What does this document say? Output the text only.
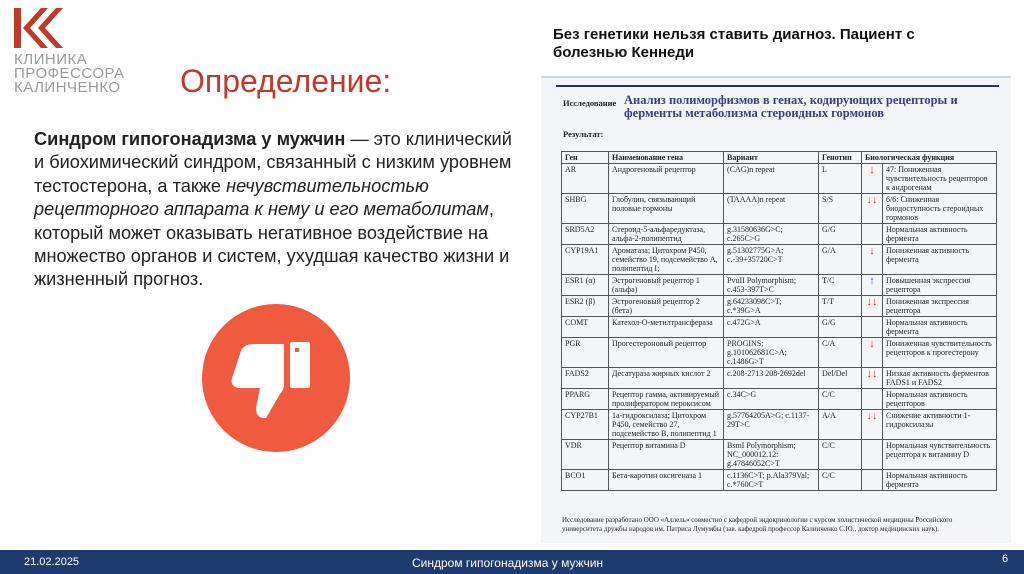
КЛИНИКА
ПРОФЕССОРА
КАЛИНЧЕНКО	Определение:
Синдром гипогонадизма у мужчин — это клинический и биохимический синдром, связанный с низким уровнем тестостерона, а также нечувствительностью рецепторного аппарата к нему и его метаболитам, который может оказывать негативное воздействие на множество органов и систем, ухудшая качество жизни и жизненный прогноз.
Без генетики нельзя ставить диагноз. Пациент с болезнью Кеннеди
Исследование Анализ полиморфизмов в генах, кодирующих рецепторы и ферменты метаболизма стероидных гормонов
Результат:
Ген	Наименование гена	Вариант	Генотип	Биологическая функция	
AR	Андрогеновый рецептор	(CAG)n repeat	L	↓	47: Пониженная чувствительность рецепторов к андрогенам
SHBG	Глобулин, связывающий половые гормоны	(TAAAA)n repeat	S/S	↓↓	6/6: Сниженная биодоступность стероидных гормонов
SRD5A2	Стероид-5-альфаредуктаза, альфа-2-полипептид	g.31580636G>C; c.265C>G	G/G		Нормальная активность фермента
CYP19A1	Ароматаза; Цитохром P450, семейство 19, подсемейство A, полипептид I;	g.51302775G>A; c.-39+35720C>T	G/A	↓	Пониженная активность фермента
ESR1 (α)	Эстрогеновый рецептор 1 (альфа)	PvuII Polymorphism; c.453-397T>C	T/C	↑	Повышенная экспрессия рецептора
ESR2 (β)	Эстрогеновый рецептор 2 (бета)	g.64233098C>T; c.*39G>A	T/T	↓↓	Пониженная экспрессия рецептора
COMT	Катехол-О-метилтрансфераза	c.472G>A	G/G		Нормальная активность фермента
PGR	Прогестероновый рецептор	PROGINS; g.101062681C>A; c.1486G>T	C/A	↓	Пониженная чувствительность рецепторов к прогестерону
FADS2	Десатураза жирных кислот 2	c.208-2713 208-2692del	Del/Del	↓↓	Низкая активность ферментов FADS1 и FADS2
PPARG	Рецептор гамма, активируемый пролифератором пероксисом	c.34C>G	C/C		Нормальная активность рецепторов
CYP27B1	1a-гидроксилаза; Цитохром P450, семейство 27, подсемейство B, полипептид 1	g.57764205A>G; c.1137-29T>C	A/A	↓↓	Снижение активности 1-гидроксилазы
VDR	Рецептор витамина D	BsmI Polymorphism; NC_000012.12: g.47846052C>T	C/C		Нормальная чувствительность рецептора к витамину D
BCO1	Бета-каротин оксигеназа 1	c.1136C>T; p.Ala379Val; c.*760C>T	C/C		Нормальная активность фермента
Исследование разработано ООО «Аллель» совместно с кафедрой эндокринологии с курсом холистической медицины Российского университета дружбы народов им. Патриса Лумумбы (зав. кафедрой профессор Калинченко С.Ю., доктор медицинских наук).
21.02.2025	Синдром гипогонадизма у мужчин	6
